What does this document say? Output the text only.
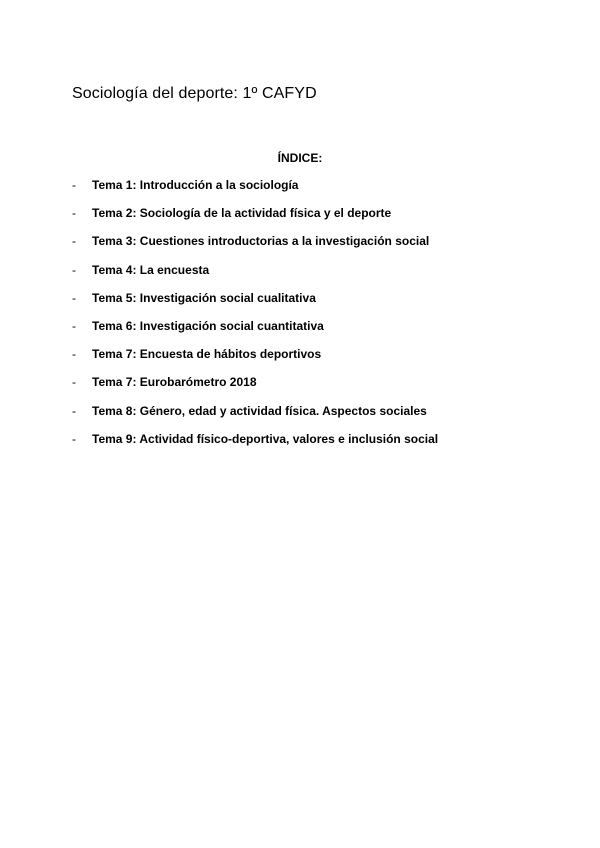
Sociología del deporte: 1º CAFYD
ÍNDICE:
- Tema 1: Introducción a la sociología
- Tema 2: Sociología de la actividad física y el deporte
- Tema 3: Cuestiones introductorias a la investigación social
- Tema 4: La encuesta
- Tema 5: Investigación social cualitativa
- Tema 6: Investigación social cuantitativa
- Tema 7: Encuesta de hábitos deportivos
- Tema 7: Eurobarómetro 2018
- Tema 8: Género, edad y actividad física. Aspectos sociales
- Tema 9: Actividad físico-deportiva, valores e inclusión social
